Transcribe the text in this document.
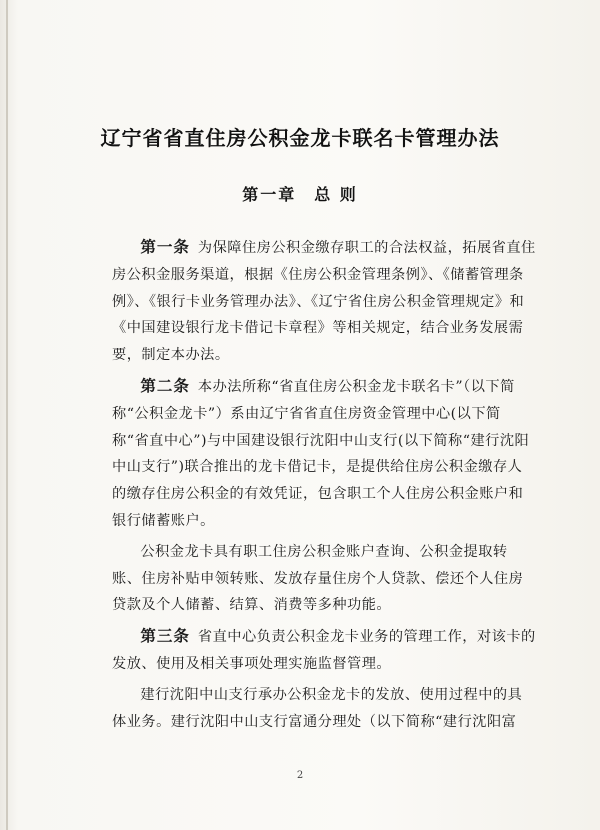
辽宁省省直住房公积金龙卡联名卡管理办法
第一章　总 则

第一条 为保障住房公积金缴存职工的合法权益，拓展省直住房公积金服务渠道，根据《住房公积金管理条例》、《储蓄管理条例》、《银行卡业务管理办法》、《辽宁省住房公积金管理规定》和《中国建设银行龙卡借记卡章程》等相关规定，结合业务发展需要，制定本办法。

第二条 本办法所称“省直住房公积金龙卡联名卡”（以下简称“公积金龙卡”）系由辽宁省省直住房资金管理中心(以下简称“省直中心”)与中国建设银行沈阳中山支行(以下简称“建行沈阳中山支行”)联合推出的龙卡借记卡，是提供给住房公积金缴存人的缴存住房公积金的有效凭证，包含职工个人住房公积金账户和银行储蓄账户。

公积金龙卡具有职工住房公积金账户查询、公积金提取转账、住房补贴申领转账、发放存量住房个人贷款、偿还个人住房贷款及个人储蓄、结算、消费等多种功能。

第三条 省直中心负责公积金龙卡业务的管理工作，对该卡的发放、使用及相关事项处理实施监督管理。

建行沈阳中山支行承办公积金龙卡的发放、使用过程中的具体业务。建行沈阳中山支行富通分理处（以下简称“建行沈阳富

2
